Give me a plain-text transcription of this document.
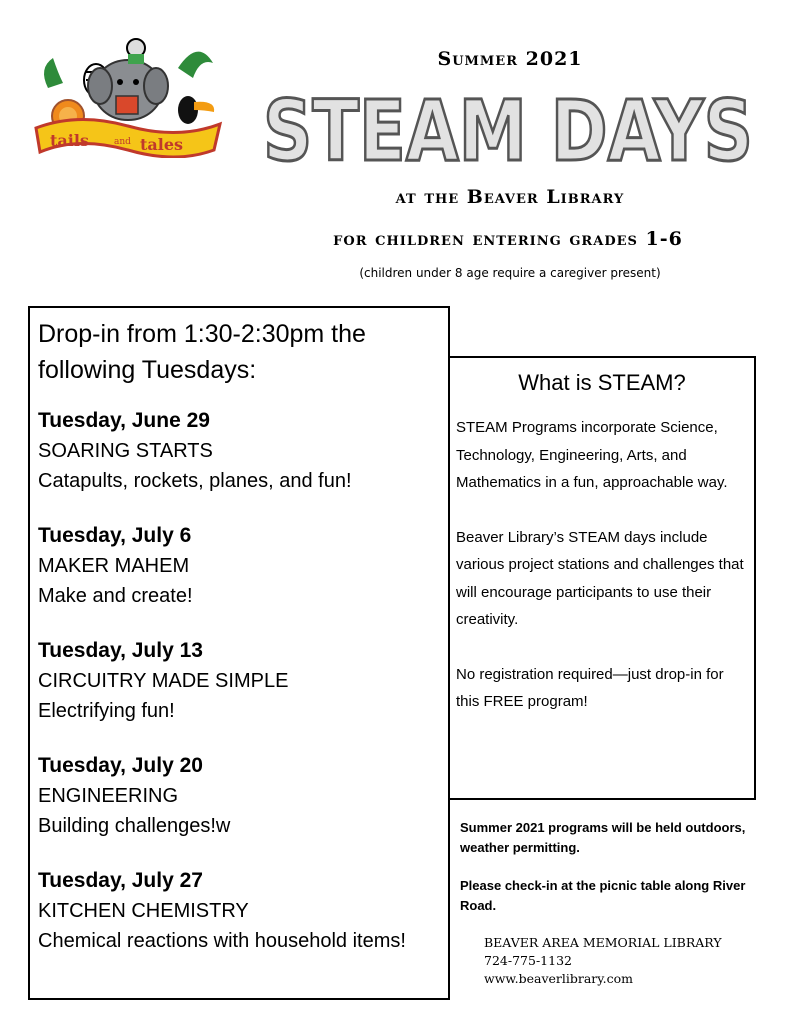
tails	and tales
Summer 2021
STEAM DAYS
at the Beaver Library
for children entering grades 1-6
(children under 8 age require a caregiver present)
Drop-in from 1:30-2:30pm the following Tuesdays:
Tuesday, June 29
SOARING STARTS
Catapults, rockets, planes, and fun!
Tuesday, July 6
MAKER MAHEM
Make and create!
Tuesday, July 13
CIRCUITRY MADE SIMPLE
Electrifying fun!
Tuesday, July 20
ENGINEERING
Building challenges!w
Tuesday, July 27
KITCHEN CHEMISTRY
Chemical reactions with household items!
What is STEAM?

STEAM Programs incorporate Science, Technology, Engineering, Arts, and Mathematics in a fun, approachable way.

Beaver Library’s STEAM days include various project stations and challenges that will encourage participants to use their creativity.

No registration required—just drop-in for this FREE program!

Summer 2021 programs will be held outdoors, weather permitting.
Please check-in at the picnic table along River Road.
BEAVER AREA MEMORIAL LIBRARY
724-775-1132
www.beaverlibrary.com
